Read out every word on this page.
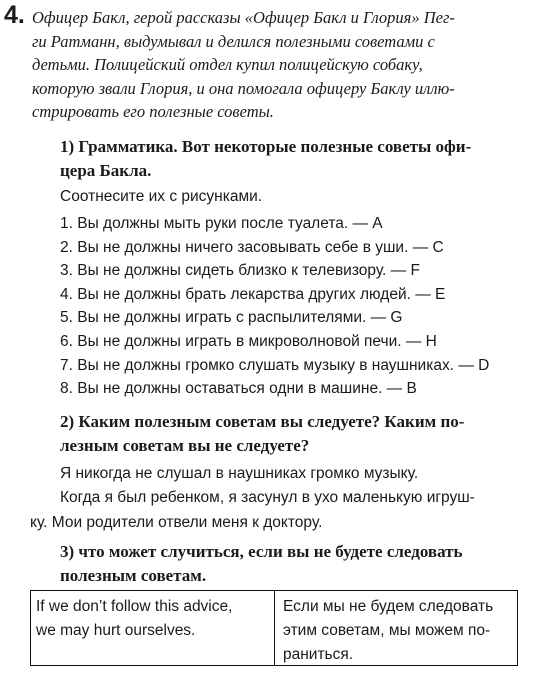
4. Офицер Бакл, герой рассказы «Офицер Бакл и Глория» Пег-
ги Ратманн, выдумывал и делился полезными советами с
детьми. Полицейский отдел купил полицейскую собаку,
которую звали Глория, и она помогала офицеру Баклу иллю-
стрировать его полезные советы.
1) Грамматика. Вот некоторые полезные советы офи-
цера Бакла.
Соотнесите их с рисунками.
1. Вы должны мыть руки после туалета. — A
2. Вы не должны ничего засовывать себе в уши. — C
3. Вы не должны сидеть близко к телевизору. — F
4. Вы не должны брать лекарства других людей. — E
5. Вы не должны играть с распылителями. — G
6. Вы не должны играть в микроволновой печи. — H
7. Вы не должны громко слушать музыку в наушниках. — D
8. Вы не должны оставаться одни в машине. — B
2) Каким полезным советам вы следуете? Каким по-
лезным советам вы не следуете?
Я никогда не слушал в наушниках громко музыку.
Когда я был ребенком, я засунул в ухо маленькую игруш-
ку. Мои родители отвели меня к доктору.
3) что может случиться, если вы не будете следовать
полезным советам.
If we don’t follow this advice,
we may hurt ourselves.
Если мы не будем следовать
этим советам, мы можем по-
раниться.
